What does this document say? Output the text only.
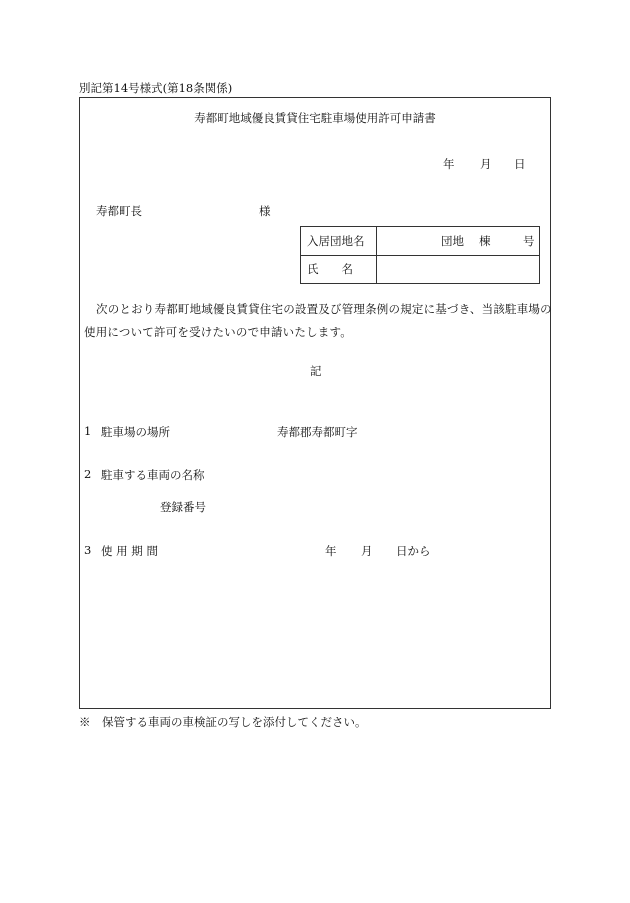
別記第14号様式(第18条関係)
寿都町地域優良賃貸住宅駐車場使用許可申請書
年 月 日
寿都町長	様
入居団地名	団地 棟	号
氏　　名
次のとおり寿都町地域優良賃貸住宅の設置及び管理条例の規定に基づき、当該駐車場の
使用について許可を受けたいので申請いたします。
記
1 駐車場の場所	寿都郡寿都町字
2 駐車する車両の名称
登録番号
3 使 用 期 間	年 月 日から
※　保管する車両の車検証の写しを添付してください。
